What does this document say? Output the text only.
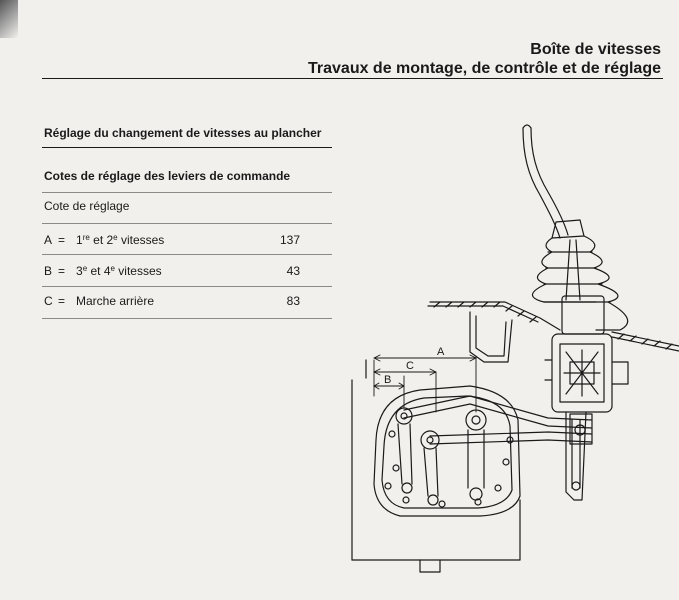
Boîte de vitesses
Travaux de montage, de contrôle et de réglage
Réglage du changement de vitesses au plancher
Cotes de réglage des leviers de commande
Cote de réglage
A = 1re et 2e vitesses	137
$B = 3^e$ et 4e vitesses	43
C = Marche arrière	83
A
C
B
